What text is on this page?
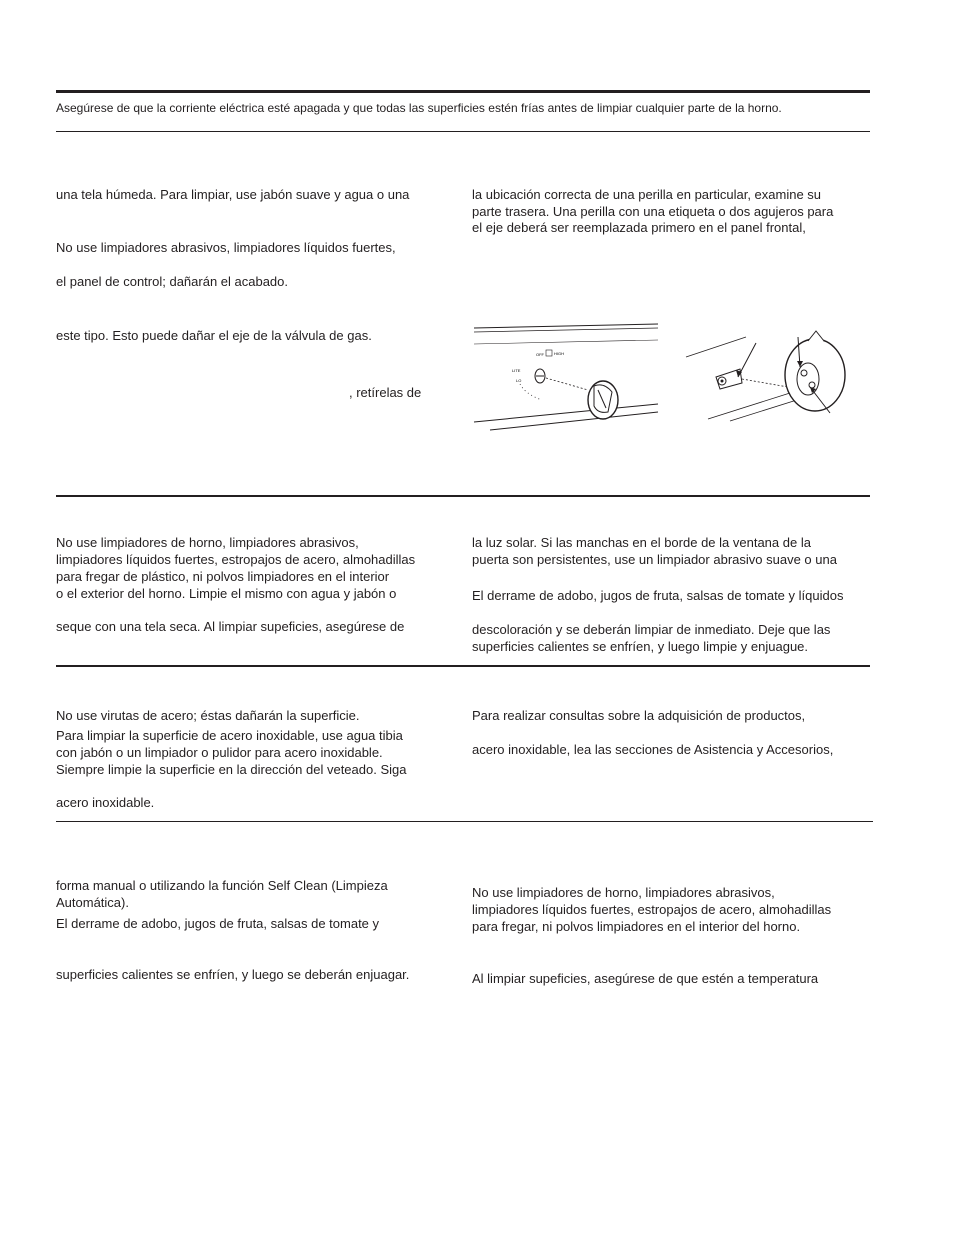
Asegúrese de que la corriente eléctrica esté apagada y que todas las superficies estén frías antes de limpiar cualquier parte de la horno.

una tela húmeda. Para limpiar, use jabón suave y agua o una

No use limpiadores abrasivos, limpiadores líquidos fuertes,

el panel de control; dañarán el acabado.

este tipo. Esto puede dañar el eje de la válvula de gas.

, retírelas de

la ubicación correcta de una perilla en particular, examine su

parte trasera. Una perilla con una etiqueta o dos agujeros para

el eje deberá ser reemplazada primero en el panel frontal,

OFF	HIGH
LITE
LO

No use limpiadores de horno, limpiadores abrasivos,

limpiadores líquidos fuertes, estropajos de acero, almohadillas

para fregar de plástico, ni polvos limpiadores en el interior

o el exterior del horno. Limpie el mismo con agua y jabón o

seque con una tela seca. Al limpiar supeficies, asegúrese de

la luz solar. Si las manchas en el borde de la ventana de la

puerta son persistentes, use un limpiador abrasivo suave o una

El derrame de adobo, jugos de fruta, salsas de tomate y líquidos

descoloración y se deberán limpiar de inmediato. Deje que las

superficies calientes se enfríen, y luego limpie y enjuague.

No use virutas de acero; éstas dañarán la superficie.

Para limpiar la superficie de acero inoxidable, use agua tibia

con jabón o un limpiador o pulidor para acero inoxidable.

Siempre limpie la superficie en la dirección del veteado. Siga

acero inoxidable.

Para realizar consultas sobre la adquisición de productos,

acero inoxidable, lea las secciones de Asistencia y Accesorios,

forma manual o utilizando la función Self Clean (Limpieza

Automática).

El derrame de adobo, jugos de fruta, salsas de tomate y

superficies calientes se enfríen, y luego se deberán enjuagar.

No use limpiadores de horno, limpiadores abrasivos,

limpiadores líquidos fuertes, estropajos de acero, almohadillas

para fregar, ni polvos limpiadores en el interior del horno.

Al limpiar supeficies, asegúrese de que estén a temperatura
